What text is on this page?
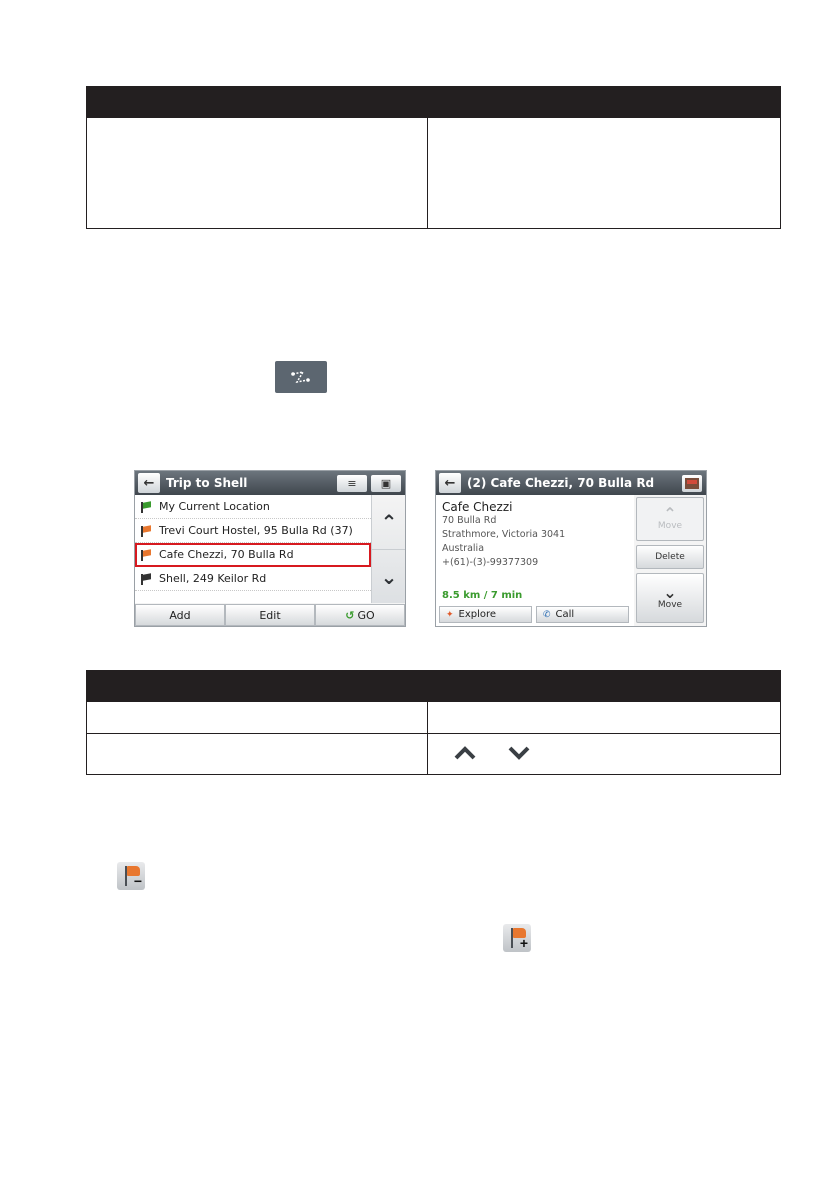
← Trip to Shell	≡	▣
My Current Location
Trevi Court Hostel, 95 Bulla Rd (37)
Cafe Chezzi, 70 Bulla Rd
Shell, 249 Keilor Rd
⌃
⌄
Add	Edit	↺ GO
← (2) Cafe Chezzi, 70 Bulla Rd
Cafe Chezzi
70 Bulla Rd
Strathmore, Victoria 3041
Australia
+(61)-(3)-99377309
8.5 km / 7 min
✦ Explore	✆ Call
⌃
Move
Delete
⌄
Move

−
+
